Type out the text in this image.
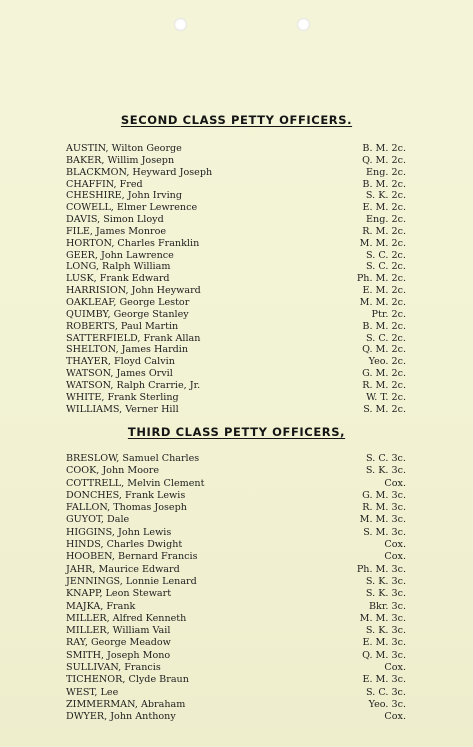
SECOND CLASS PETTY OFFICERS.
AUSTIN, Wilton George	B. M. 2c.
BAKER, Willim Josepn	Q. M. 2c.
BLACKMON, Heyward Joseph	Eng. 2c.
CHAFFIN, Fred	B. M. 2c.
CHESHIRE, John Irving	S. K. 2c.
COWELL, Elmer Lewrence	E. M. 2c.
DAVIS, Simon Lloyd	Eng. 2c.
FILE, James Monroe	R. M. 2c.
HORTON, Charles Franklin	M. M. 2c.
GEER, John Lawrence	S. C. 2c.
LONG, Ralph William	S. C. 2c.
LUSK, Frank Edward	Ph. M. 2c.
HARRISION, John Heyward	E. M. 2c.
OAKLEAF, George Lestor	M. M. 2c.
QUIMBY, George Stanley	Ptr. 2c.
ROBERTS, Paul Martin	B. M. 2c.
SATTERFIELD, Frank Allan	S. C. 2c.
SHELTON, James Hardin	Q. M. 2c.
THAYER, Floyd Calvin	Yeo. 2c.
WATSON, James Orvil	G. M. 2c.
WATSON, Ralph Crarrie, Jr.	R. M. 2c.
WHITE, Frank Sterling	W. T. 2c.
WILLIAMS, Verner Hill	S. M. 2c.
THIRD CLASS PETTY OFFICERS,
BRESLOW, Samuel Charles	S. C. 3c.
COOK, John Moore	S. K. 3c.
COTTRELL, Melvin Clement	Cox.
DONCHES, Frank Lewis	G. M. 3c.
FALLON, Thomas Joseph	R. M. 3c.
GUYOT, Dale	M. M. 3c.
HIGGINS, John Lewis	S. M. 3c.
HINDS, Charles Dwight	Cox.
HOOBEN, Bernard Francis	Cox.
JAHR, Maurice Edward	Ph. M. 3c.
JENNINGS, Lonnie Lenard	S. K. 3c.
KNAPP, Leon Stewart	S. K. 3c.
MAJKA, Frank	Bkr. 3c.
MILLER, Alfred Kenneth	M. M. 3c.
MILLER, William Vail	S. K. 3c.
RAY, George Meadow	E. M. 3c.
SMITH, Joseph Mono	Q. M. 3c.
SULLIVAN, Francis	Cox.
TICHENOR, Clyde Braun	E. M. 3c.
WEST, Lee	S. C. 3c.
ZIMMERMAN, Abraham	Yeo. 3c.
DWYER, John Anthony	Cox.
